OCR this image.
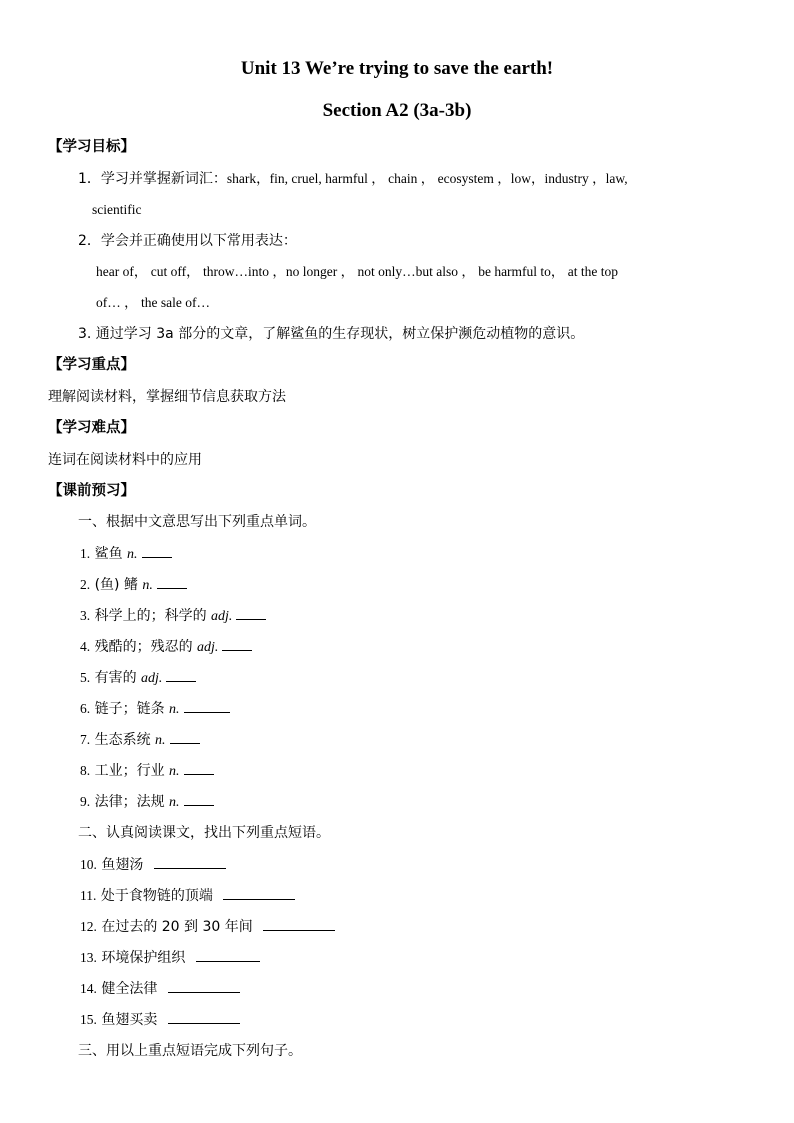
Unit 13 We’re trying to save the earth!
Section A2 (3a-3b)
【学习目标】
1．学习并掌握新词汇：shark，fin, cruel, harmful ， chain ， ecosystem ，low，industry ，law,
scientific
2．学会并正确使用以下常用表达：
hear of， cut off， throw…into ，no longer ， not only…but also ， be harmful to， at the top
of… ， the sale of…
3. 通过学习 3a 部分的文章，了解鲨鱼的生存现状，树立保护濒危动植物的意识。
【学习重点】
理解阅读材料，掌握细节信息获取方法
【学习难点】
连词在阅读材料中的应用
【课前预习】
一、根据中文意思写出下列重点单词。
1. 鲨鱼 n.
2. (鱼) 鳍 n.
3. 科学上的；科学的 adj.
4. 残酷的；残忍的 adj.
5. 有害的 adj.
6. 链子；链条 n.
7. 生态系统 n.
8. 工业；行业 n.
9. 法律；法规 n.
二、认真阅读课文，找出下列重点短语。
10. 鱼翅汤
11. 处于食物链的顶端
12. 在过去的 20 到 30 年间
13. 环境保护组织
14. 健全法律
15. 鱼翅买卖
三、用以上重点短语完成下列句子。
